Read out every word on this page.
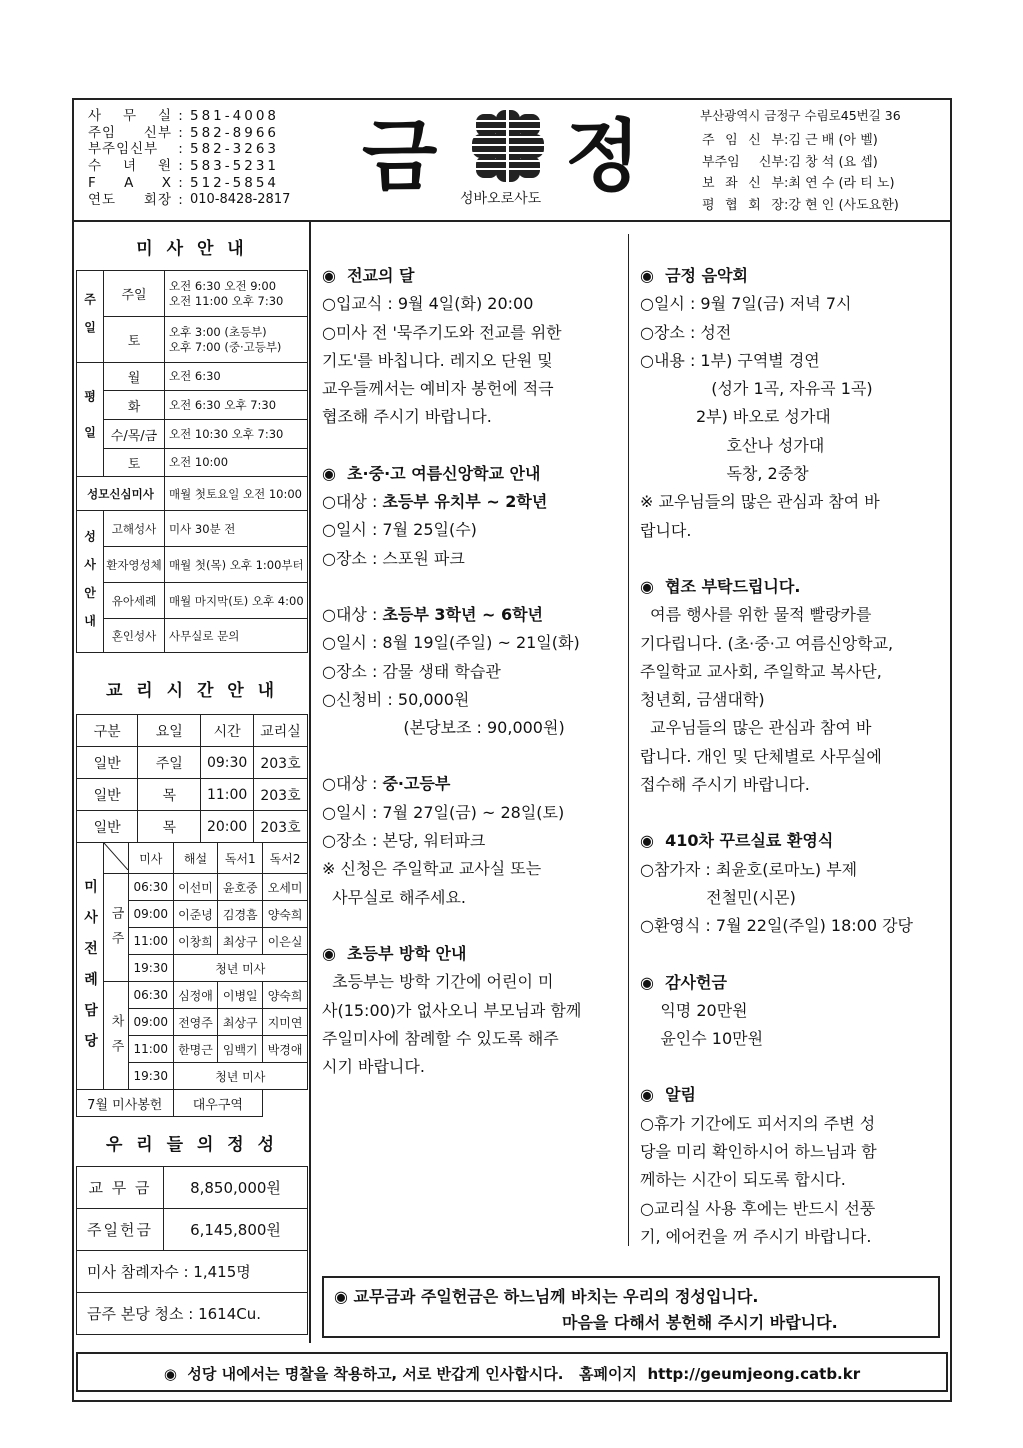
사 무 실 : 581-4008
주임 신부 : 582-8966
부주임신부	: 582-3263
수 녀 원 : 583-5231
F A X : 512-5854
연도 회장 : 010-8428-2817 금 정
성바오로사도
부산광역시 금정구 수림로45번길 36
주 임 신 부 : 김 근 배 (아 벨)
부주임 신부 : 김 창 석 (요 셉)
보 좌 신 부 : 최 연 수 (라 티 노)
평 협 회 장 : 강 현 인 (사도요한)
미 사 안 내
주 일	주일	오전 6:30 오전 9:00
오전 11:00 오후 7:30
	토	오후 3:00 (초등부)
오후 7:00 (중·고등부)
평 일	월	오전 6:30
	화	오전 6:30 오후 7:30
	수/목/금	오전 10:30 오후 7:30
	토	오전 10:00
성모신심미사		매월 첫토요일 오전 10:00
성 사 안 내	고해성사	미사 30분 전
	환자영성체	매월 첫(목) 오후 1:00부터
	유아세례	매월 마지막(토) 오후 4:00
	혼인성사	사무실로 문의
교 리 시 간 안 내
구분	요일	시간	교리실
일반	주일	09:30	203호
일반	목	11:00	203호
일반	목	20:00	203호
미 사 전 례 담 당		미사	해설	독서1	독서2
	금 주	06:30	이선미	윤호중	오세미
		09:00	이준녕	김경흠	양숙희
		11:00	이창희	최상구	이은실
		19:30	청년 미사		
	차 주	06:30	심정애	이병일	양숙희
		09:00	전영주	최상구	지미연
		11:00	한명근	임백기	박경애
		19:30	청년 미사		
7월 미사봉헌			대우구역		
우 리 들 의 정 성
교 무 금	8,850,000원
주일헌금	6,145,800원
미사 참례자수 : 1,415명	
금주 본당 청소 : 1614Cu.	
◉  전교의 달
○입교식 : 9월 4일(화) 20:00
○미사 전 '묵주기도와 전교를 위한
기도'를 바칩니다. 레지오 단원 및
교우들께서는 예비자 봉헌에 적극
협조해 주시기 바랍니다.
◉  초·중·고 여름신앙학교 안내
○대상 : 초등부 유치부 ~ 2학년
○일시 : 7월 25일(수)
○장소 : 스포원 파크
○대상 : 초등부 3학년 ~ 6학년
○일시 : 8월 19일(주일) ~ 21일(화)
○장소 : 감물 생태 학습관
○신청비 : 50,000원
(본당보조 : 90,000원)
○대상 : 중·고등부
○일시 : 7월 27일(금) ~ 28일(토)
○장소 : 본당, 워터파크
※ 신청은 주일학교 교사실 또는
사무실로 해주세요.
◉  초등부 방학 안내
초등부는 방학 기간에 어린이 미
사(15:00)가 없사오니 부모님과 함께
주일미사에 참례할 수 있도록 해주
시기 바랍니다.
◉  금정 음악회
○일시 : 9월 7일(금) 저녁 7시
○장소 : 성전
○내용 : 1부) 구역별 경연
(성가 1곡, 자유곡 1곡)
2부) 바오로 성가대
호산나 성가대
독창, 2중창
※ 교우님들의 많은 관심과 참여 바
랍니다.
◉  협조 부탁드립니다.
여름 행사를 위한 물적 빨랑카를
기다립니다. (초·중·고 여름신앙학교,
주일학교 교사회, 주일학교 복사단,
청년회, 금샘대학)
교우님들의 많은 관심과 참여 바
랍니다. 개인 및 단체별로 사무실에
접수해 주시기 바랍니다.
◉  410차 꾸르실료 환영식
○참가자 : 최윤호(로마노) 부제
전철민(시몬)
○환영식 : 7월 22일(주일) 18:00 강당
◉  감사헌금
익명 20만원
윤인수 10만원
◉  알림
○휴가 기간에도 피서지의 주변 성
당을 미리 확인하시어 하느님과 함
께하는 시간이 되도록 합시다.
○교리실 사용 후에는 반드시 선풍
기, 에어컨을 꺼 주시기 바랍니다.
◉ 교무금과 주일헌금은 하느님께 바치는 우리의 정성입니다.
마음을 다해서 봉헌해 주시기 바랍니다.
◉  성당 내에서는 명찰을 착용하고, 서로 반갑게 인사합시다.   홈페이지  http://geumjeong.catb.kr
